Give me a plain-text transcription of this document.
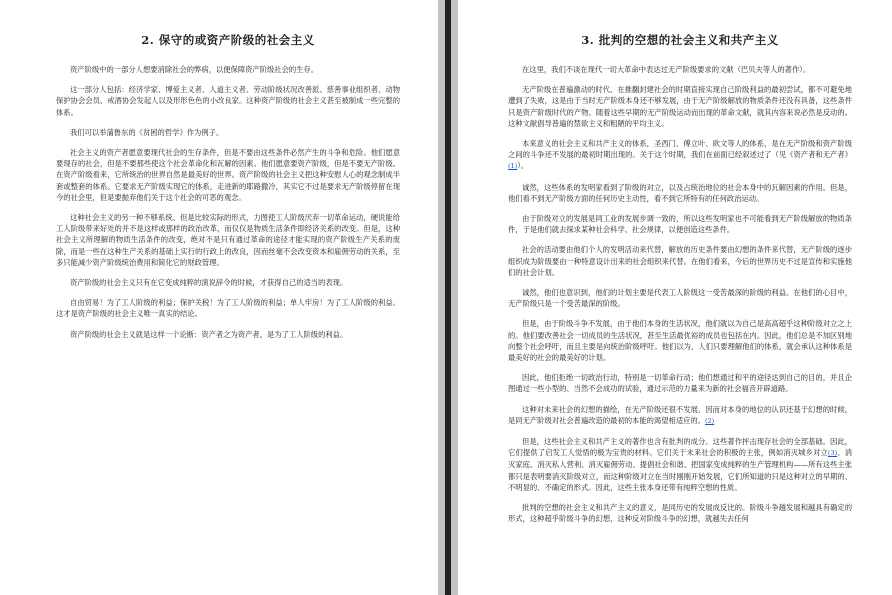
2. 保守的或资产阶级的社会主义

资产阶级中的一部分人想要消除社会的弊病，以便保障资产阶级社会的生存。

这一部分人包括：经济学家、博爱主义者、人道主义者、劳动阶级状况改善派、慈善事业组织者、动物保护协会会员、戒酒协会发起人以及形形色色的小改良家。这种资产阶级的社会主义甚至被制成一些完整的体系。

我们可以举蒲鲁东的《贫困的哲学》作为例子。

社会主义的资产者愿意要现代社会的生存条件，但是不要由这些条件必然产生的斗争和危险。他们愿意要现存的社会，但是不要那些使这个社会革命化和瓦解的因素。他们愿意要资产阶级，但是不要无产阶级。在资产阶级看来，它所统治的世界自然是最美好的世界。资产阶级的社会主义把这种安慰人心的观念制成半套或整套的体系。它要求无产阶级实现它的体系，走进新的耶路撒冷，其实它不过是要求无产阶级停留在现今的社会里，但是要抛弃他们关于这个社会的可恶的观念。

这种社会主义的另一种不够系统、但是比较实际的形式，力图使工人阶级厌弃一切革命运动，硬说能给工人阶级带来好处的并不是这样或那样的政治改革，而仅仅是物质生活条件即经济关系的改变。但是，这种社会主义所理解的物质生活条件的改变，绝对不是只有通过革命的途径才能实现的资产阶级生产关系的废除，而是一些在这种生产关系的基础上实行的行政上的改良，因而丝毫不会改变资本和雇佣劳动的关系，至多只能减少资产阶级统治费用和简化它的财政管理。

资产阶级的社会主义只有在它变成纯粹的演说辞令的时候，才获得自己的适当的表现。

自由贸易！为了工人阶级的利益；保护关税！为了工人阶级的利益；单人牢房！为了工人阶级的利益。这才是资产阶级的社会主义唯一真实的结论。

资产阶级的社会主义就是这样一个论断：资产者之为资产者，是为了工人阶级的利益。

3. 批判的空想的社会主义和共产主义

在这里，我们不谈在现代一切大革命中表达过无产阶级要求的文献（巴贝夫等人的著作）。

无产阶级在普遍激动的时代、在推翻封建社会的时期直接实现自己阶级利益的最初尝试，都不可避免地遭到了失败，这是由于当时无产阶级本身还不够发展，由于无产阶级解放的物质条件还没有具备，这些条件只是资产阶级时代的产物。随着这些早期的无产阶级运动而出现的革命文献，就其内容来说必然是反动的。这种文献倡导普遍的禁欲主义和粗陋的平均主义。

本来意义的社会主义和共产主义的体系，圣西门、傅立叶、欧文等人的体系，是在无产阶级和资产阶级之间的斗争还不发展的最初时期出现的。关于这个时期，我们在前面已经叙述过了（见《资产者和无产者》(1)）。

诚然，这些体系的发明家看到了阶级的对立，以及占统治地位的社会本身中的瓦解因素的作用。但是，他们看不到无产阶级方面的任何历史主动性，看不到它所特有的任何政治运动。

由于阶级对立的发展是同工业的发展步调一致的，所以这些发明家也不可能看到无产阶级解放的物质条件，于是他们就去探求某种社会科学、社会规律，以便创造这些条件。

社会的活动要由他们个人的发明活动来代替，解放的历史条件要由幻想的条件来代替，无产阶级的逐步组织成为阶级要由一种特意设计出来的社会组织来代替。在他们看来，今后的世界历史不过是宣传和实施他们的社会计划。

诚然，他们也意识到，他们的计划主要是代表工人阶级这一受苦最深的阶级的利益。在他们的心目中，无产阶级只是一个受苦最深的阶级。

但是，由于阶级斗争不发展，由于他们本身的生活状况，他们就以为自己是高高超乎这种阶级对立之上的。他们要改善社会一切成员的生活状况，甚至生活最优裕的成员也包括在内。因此，他们总是不加区别地向整个社会呼吁，而且主要是向统治阶级呼吁。他们以为，人们只要理解他们的体系，就会承认这种体系是最美好的社会的最美好的计划。

因此，他们拒绝一切政治行动，特别是一切革命行动；他们想通过和平的途径达到自己的目的，并且企图通过一些小型的、当然不会成功的试验，通过示范的力量来为新的社会福音开辟道路。

这种对未来社会的幻想的描绘，在无产阶级还很不发展、因而对本身的地位的认识还基于幻想的时候，是同无产阶级对社会普遍改造的最初的本能的渴望相适应的。(2)

但是，这些社会主义和共产主义的著作也含有批判的成分。这些著作抨击现存社会的全部基础。因此，它们提供了启发工人觉悟的极为宝贵的材料。它们关于未来社会的积极的主张，例如消灭城乡对立(3)、消灭家庭、消灭私人营利、消灭雇佣劳动、提倡社会和谐、把国家变成纯粹的生产管理机构——所有这些主张都只是表明要消灭阶级对立，而这种阶级对立在当时刚刚开始发展，它们所知道的只是这种对立的早期的、不明显的、不确定的形式。因此，这些主张本身还带有纯粹空想的性质。

批判的空想的社会主义和共产主义的意义，是同历史的发展成反比的。阶级斗争越发展和越具有确定的形式，这种超乎阶级斗争的幻想，这种反对阶级斗争的幻想，就越失去任何
